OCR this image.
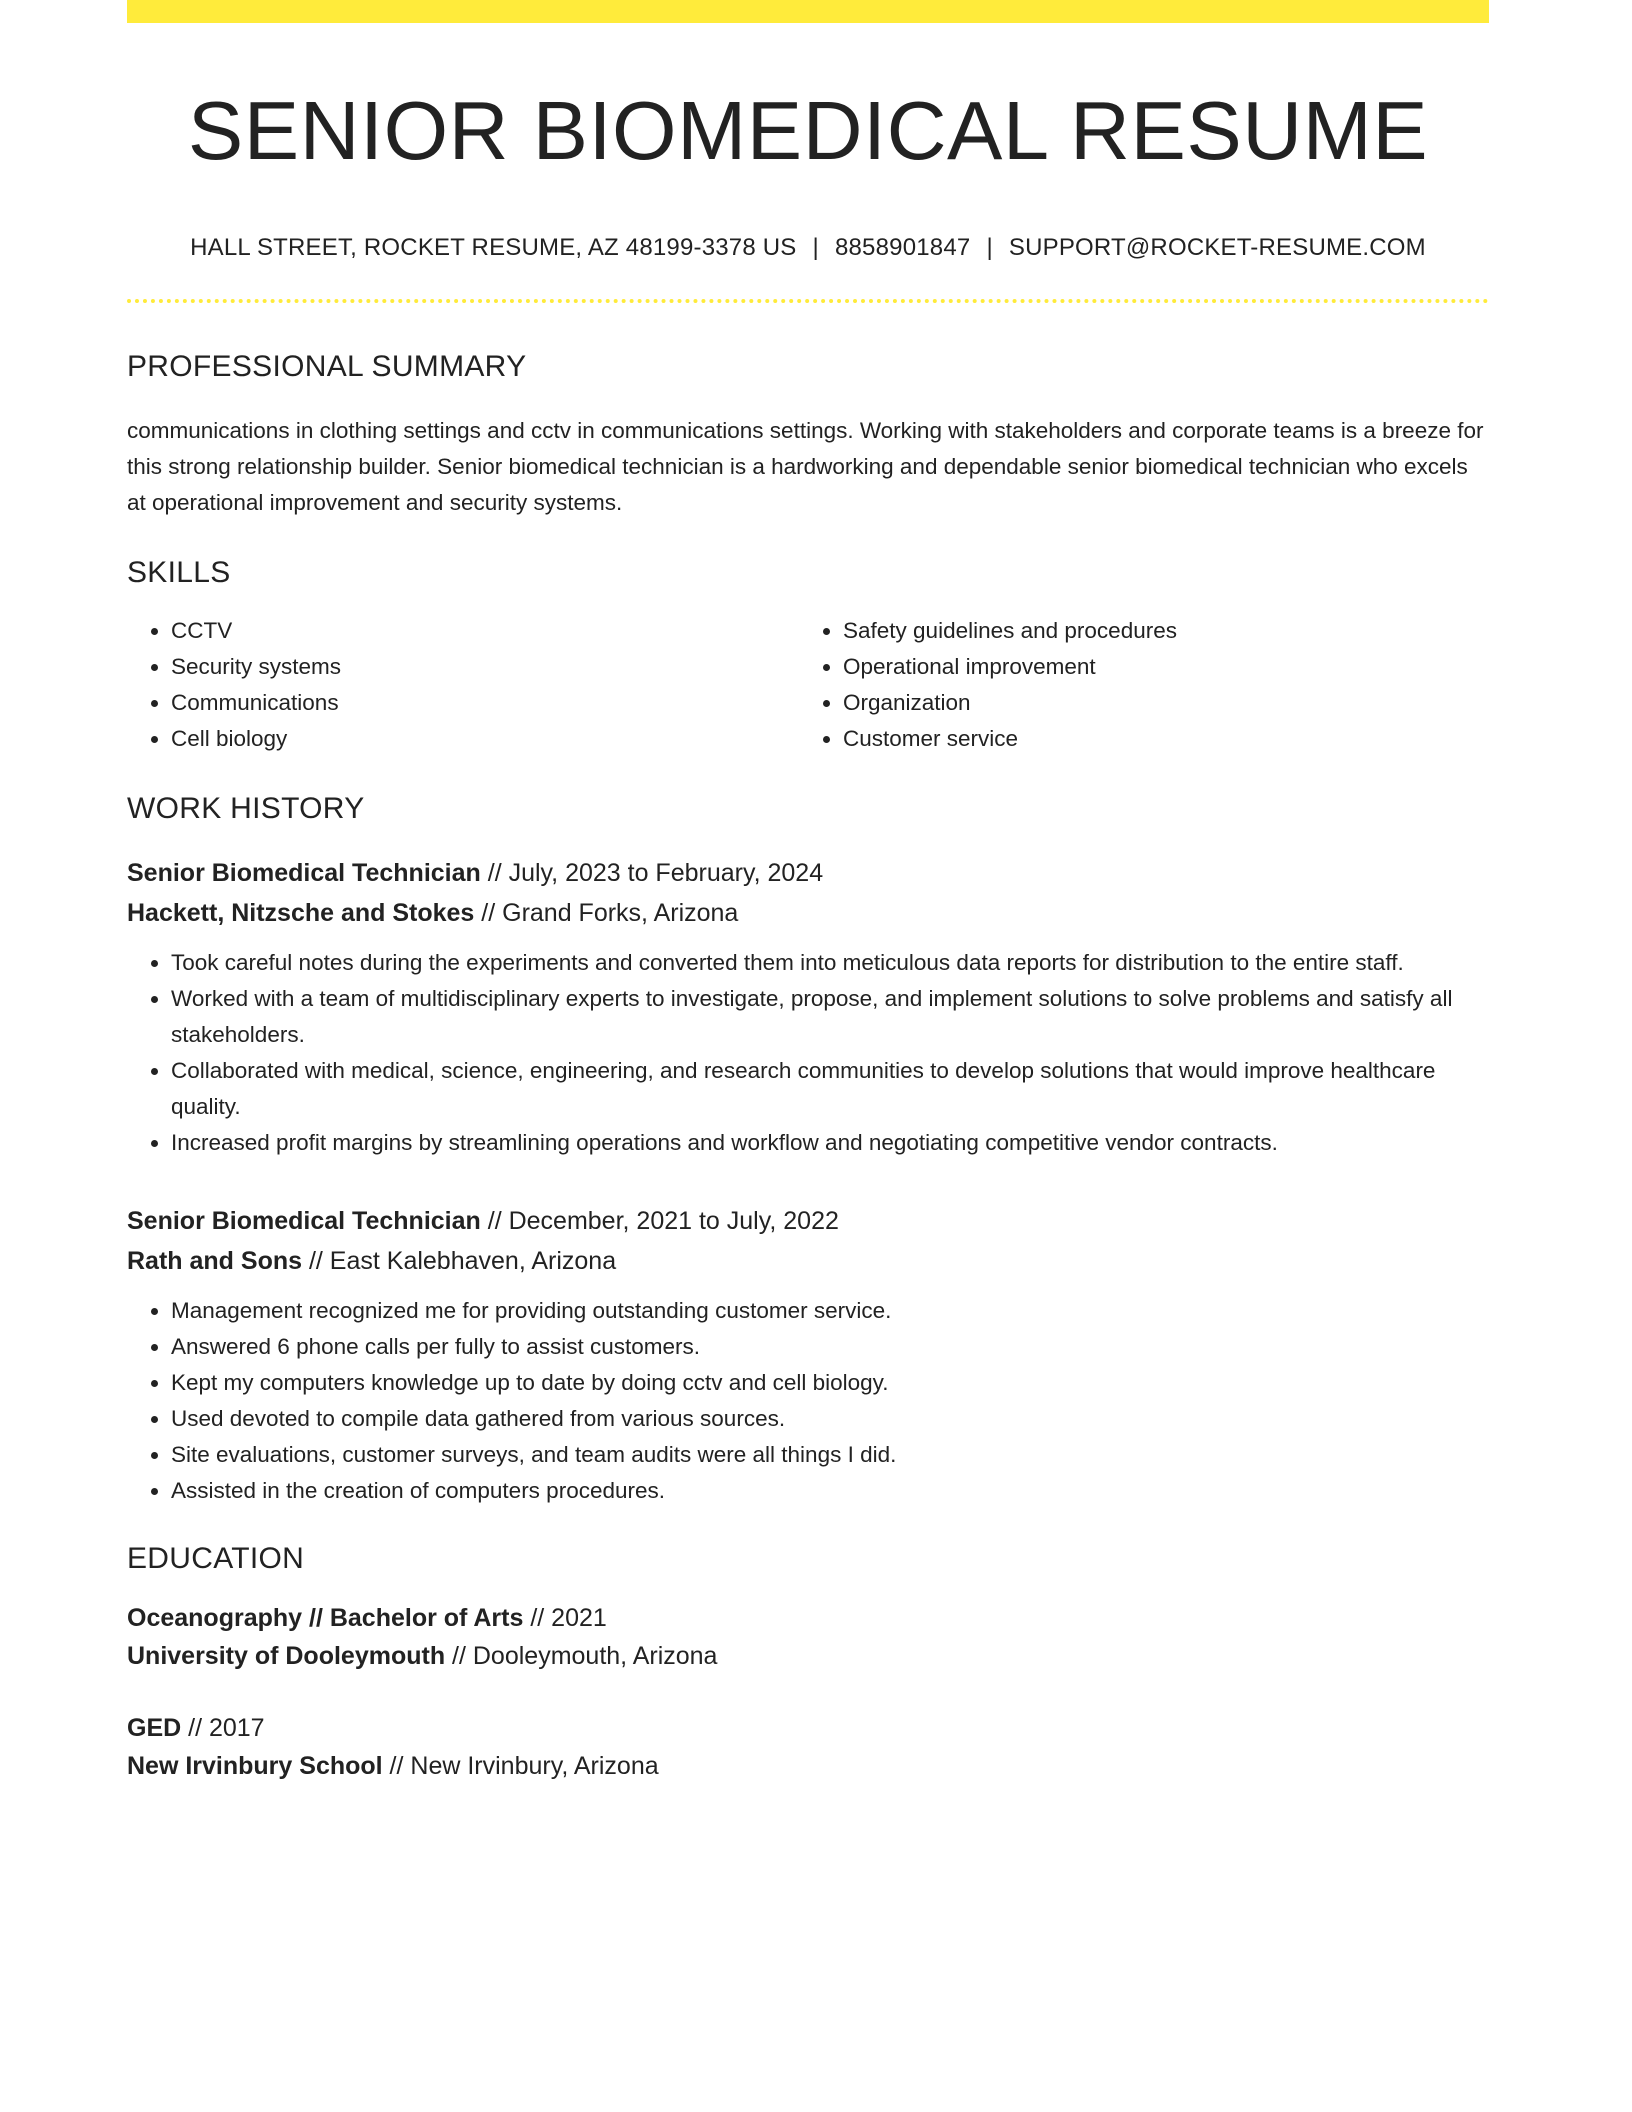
SENIOR BIOMEDICAL RESUME
HALL STREET, ROCKET RESUME, AZ 48199-3378 US | 8858901847 | SUPPORT@ROCKET-RESUME.COM
PROFESSIONAL SUMMARY

communications in clothing settings and cctv in communications settings. Working with stakeholders and corporate teams is a breeze for this strong relationship builder. Senior biomedical technician is a hardworking and dependable senior biomedical technician who excels at operational improvement and security systems.

SKILLS
• CCTV
• Security systems
• Communications
• Cell biology
• Safety guidelines and procedures
• Operational improvement
• Organization
• Customer service
WORK HISTORY
Senior Biomedical Technician // July, 2023 to February, 2024
Hackett, Nitzsche and Stokes // Grand Forks, Arizona
• Took careful notes during the experiments and converted them into meticulous data reports for distribution to the entire staff.
• Worked with a team of multidisciplinary experts to investigate, propose, and implement solutions to solve problems and satisfy all stakeholders.
• Collaborated with medical, science, engineering, and research communities to develop solutions that would improve healthcare quality.
• Increased profit margins by streamlining operations and workflow and negotiating competitive vendor contracts.
Senior Biomedical Technician // December, 2021 to July, 2022
Rath and Sons // East Kalebhaven, Arizona
• Management recognized me for providing outstanding customer service.
• Answered 6 phone calls per fully to assist customers.
• Kept my computers knowledge up to date by doing cctv and cell biology.
• Used devoted to compile data gathered from various sources.
• Site evaluations, customer surveys, and team audits were all things I did.
• Assisted in the creation of computers procedures.
EDUCATION
Oceanography // Bachelor of Arts // 2021
University of Dooleymouth // Dooleymouth, Arizona
GED // 2017
New Irvinbury School // New Irvinbury, Arizona
